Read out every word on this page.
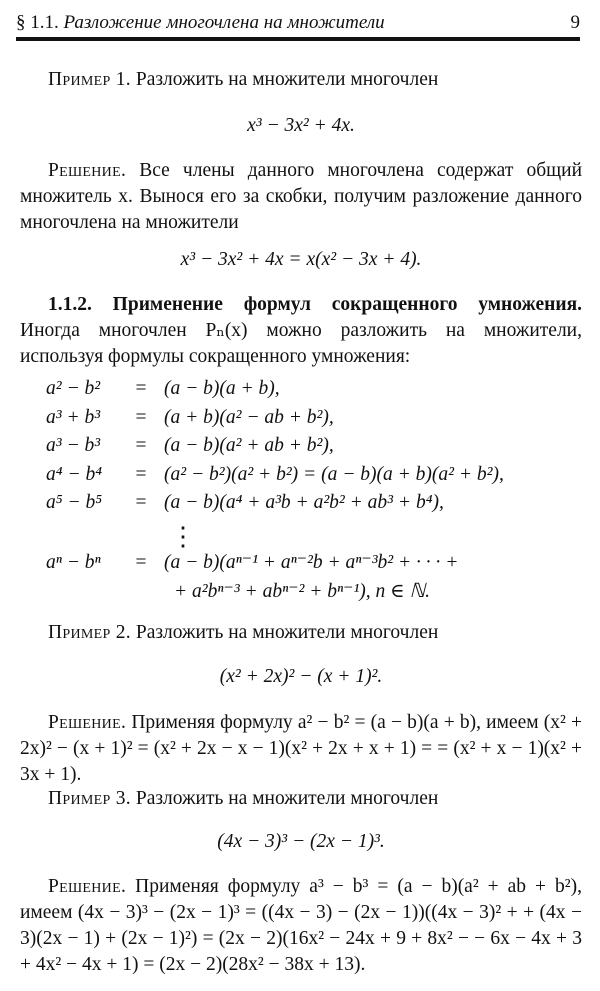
§ 1.1. Разложение многочлена на множители	9
Пример 1. Разложить на множители многочлен
x³ − 3x² + 4x.
Решение. Все члены данного многочлена содержат общий множитель x. Вынося его за скобки, получим разложение данного многочлена на множители
x³ − 3x² + 4x = x(x² − 3x + 4).
1.1.2. Применение формул сокращенного умножения. Иногда многочлен Pₙ(x) можно разложить на множители, используя формулы сокращенного умножения:
a² − b²	= (a − b)(a + b),
a³ + b³	= (a + b)(a² − ab + b²),
a³ − b³	= (a − b)(a² + ab + b²),
a⁴ − b⁴	= (a² − b²)(a² + b²) = (a − b)(a + b)(a² + b²),
a⁵ − b⁵	= (a − b)(a⁴ + a³b + a²b² + ab³ + b⁴),
⋮
aⁿ − bⁿ	= (a − b)(aⁿ⁻¹ + aⁿ⁻²b + aⁿ⁻³b² + · · · +
+ a²bⁿ⁻³ + abⁿ⁻² + bⁿ⁻¹), n ∈ ℕ.
Пример 2. Разложить на множители многочлен
(x² + 2x)² − (x + 1)².
Решение. Применяя формулу a² − b² = (a − b)(a + b), имеем (x² + 2x)² − (x + 1)² = (x² + 2x − x − 1)(x² + 2x + x + 1) = = (x² + x − 1)(x² + 3x + 1).
Пример 3. Разложить на множители многочлен
(4x − 3)³ − (2x − 1)³.
Решение. Применяя формулу a³ − b³ = (a − b)(a² + ab + b²), имеем (4x − 3)³ − (2x − 1)³ = ((4x − 3) − (2x − 1))((4x − 3)² + + (4x − 3)(2x − 1) + (2x − 1)²) = (2x − 2)(16x² − 24x + 9 + 8x² − − 6x − 4x + 3 + 4x² − 4x + 1) = (2x − 2)(28x² − 38x + 13).
